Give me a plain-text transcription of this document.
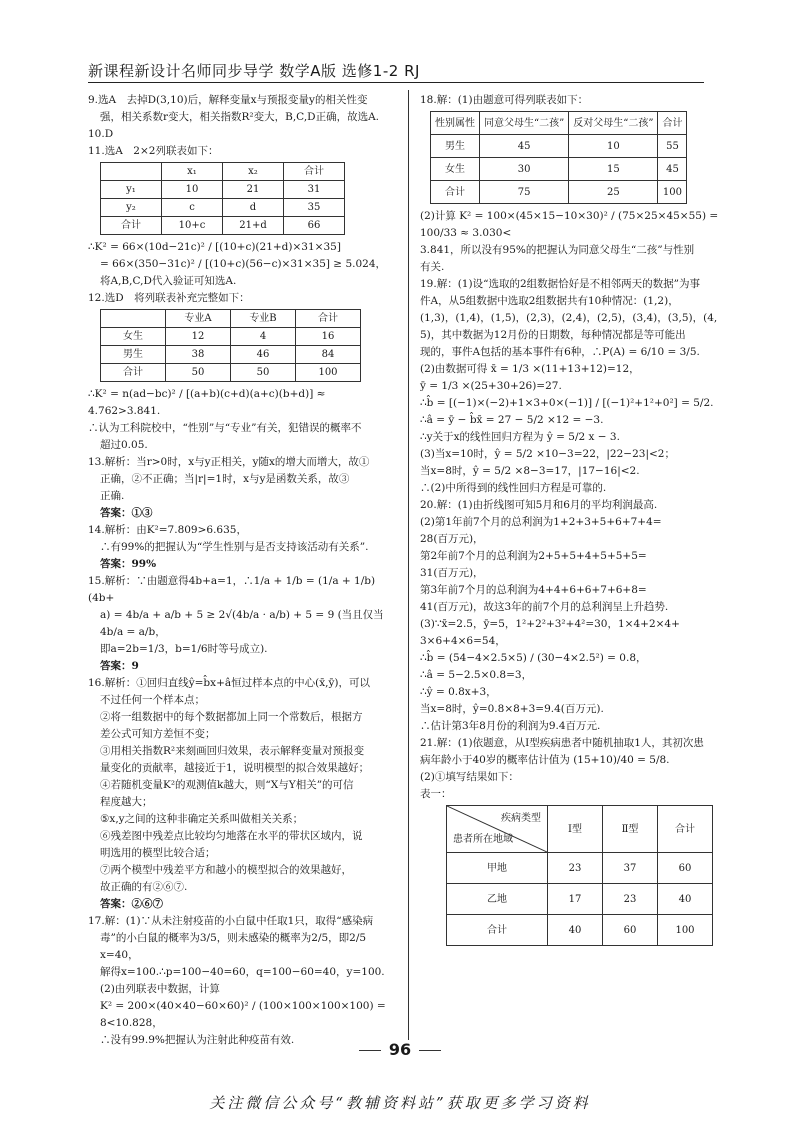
新课程新设计名师同步导学 数学A版 选修1-2 RJ

9.选A　去掉D(3,10)后，解释变量x与预报变量y的相关性变

强，相关系数r变大，相关指数R²变大，B,C,D正确，故选A.

10.D

11.选A　2×2列联表如下：

	x₁	x₂	合计
y₁	10	21	31
y₂	c	d	35
合计	10+c	21+d	66

∴K² = 66×(10d−21c)² / [(10+c)(21+d)×31×35]

= 66×(350−31c)² / [(10+c)(56−c)×31×35] ≥ 5.024，

将A,B,C,D代入验证可知选A.

12.选D　将列联表补充完整如下：

	专业A	专业B	合计
女生	12	4	16
男生	38	46	84
合计	50	50	100

∴K² = n(ad−bc)² / [(a+b)(c+d)(a+c)(b+d)] ≈ 4.762>3.841.

∴认为工科院校中，“性别”与“专业”有关，犯错误的概率不

超过0.05.

13.解析：当r>0时，x与y正相关，y随x的增大而增大，故①

正确，②不正确；当|r|=1时，x与y是函数关系，故③

正确.

答案：①③

14.解析：由K²=7.809>6.635，

∴有99%的把握认为“学生性别与是否支持该活动有关系”.

答案：99%

15.解析：∵由题意得4b+a=1，∴1/a + 1/b = (1/a + 1/b)(4b+

a) = 4b/a + a/b + 5 ≥ 2√(4b/a · a/b) + 5 = 9 (当且仅当4b/a = a/b，

即a=2b=1/3，b=1/6时等号成立).

答案：9

16.解析：①回归直线ŷ=b̂x+â恒过样本点的中心(x̄,ȳ)，可以

不过任何一个样本点；

②将一组数据中的每个数据都加上同一个常数后，根据方

差公式可知方差恒不变；

③用相关指数R²来刻画回归效果，表示解释变量对预报变

量变化的贡献率，越接近于1，说明模型的拟合效果越好；

④若随机变量K²的观测值k越大，则“X与Y相关”的可信

程度越大；

⑤x,y之间的这种非确定关系叫做相关关系；

⑥残差图中残差点比较均匀地落在水平的带状区域内，说

明选用的模型比较合适；

⑦两个模型中残差平方和越小的模型拟合的效果越好，

故正确的有②⑥⑦.

答案：②⑥⑦

17.解：(1)∵从未注射疫苗的小白鼠中任取1只，取得“感染病

毒”的小白鼠的概率为3/5，则未感染的概率为2/5，即2/5 x=40，

解得x=100.∴p=100−40=60，q=100−60=40，y=100.

(2)由列联表中数据，计算

K² = 200×(40×40−60×60)² / (100×100×100×100) = 8<10.828，

∴没有99.9%把握认为注射此种疫苗有效.

18.解：(1)由题意可得列联表如下：

性别属性	同意父母生“二孩”	反对父母生“二孩”	合计
男生	45	10	55
女生	30	15	45
合计	75	25	100

(2)计算 K² = 100×(45×15−10×30)² / (75×25×45×55) = 100/33 ≈ 3.030<

3.841，所以没有95%的把握认为同意父母生“二孩”与性别

有关.

19.解：(1)设“选取的2组数据恰好是不相邻两天的数据”为事

件A，从5组数据中选取2组数据共有10种情况：(1,2)，

(1,3)，(1,4)，(1,5)，(2,3)，(2,4)，(2,5)，(3,4)，(3,5)，(4,

5)，其中数据为12月份的日期数，每种情况都是等可能出

现的，事件A包括的基本事件有6种，∴P(A) = 6/10 = 3/5.

(2)由数据可得 x̄ = 1/3 ×(11+13+12)=12，

ȳ = 1/3 ×(25+30+26)=27.

∴b̂ = [(−1)×(−2)+1×3+0×(−1)] / [(−1)²+1²+0²] = 5/2.

∴â = ȳ − b̂x̄ = 27 − 5/2 ×12 = −3.

∴y关于x的线性回归方程为 ŷ = 5/2 x − 3.

(3)当x=10时，ŷ = 5/2 ×10−3=22，|22−23|<2；

当x=8时，ŷ = 5/2 ×8−3=17，|17−16|<2.

∴(2)中所得到的线性回归方程是可靠的.

20.解：(1)由折线图可知5月和6月的平均利润最高.

(2)第1年前7个月的总利润为1+2+3+5+6+7+4=

28(百万元)，

第2年前7个月的总利润为2+5+5+4+5+5+5=

31(百万元)，

第3年前7个月的总利润为4+4+6+6+7+6+8=

41(百万元)，故这3年的前7个月的总利润呈上升趋势.

(3)∵x̄=2.5，ȳ=5，1²+2²+3²+4²=30，1×4+2×4+

3×6+4×6=54，

∴b̂ = (54−4×2.5×5) / (30−4×2.5²) = 0.8，

∴â = 5−2.5×0.8=3，

∴ŷ = 0.8x+3，

当x=8时，ŷ=0.8×8+3=9.4(百万元).

∴估计第3年8月份的利润为9.4百万元.

21.解：(1)依题意，从Ⅰ型疾病患者中随机抽取1人，其初次患

病年龄小于40岁的概率估计值为 (15+10)/40 = 5/8.

(2)①填写结果如下：

表一：

疾病类型
患者所在地域	Ⅰ型	Ⅱ型	合计
甲地	23	37	60
乙地	17	23	40
合计	40	60	100
96
关注微信公众号“教辅资料站”获取更多学习资料
